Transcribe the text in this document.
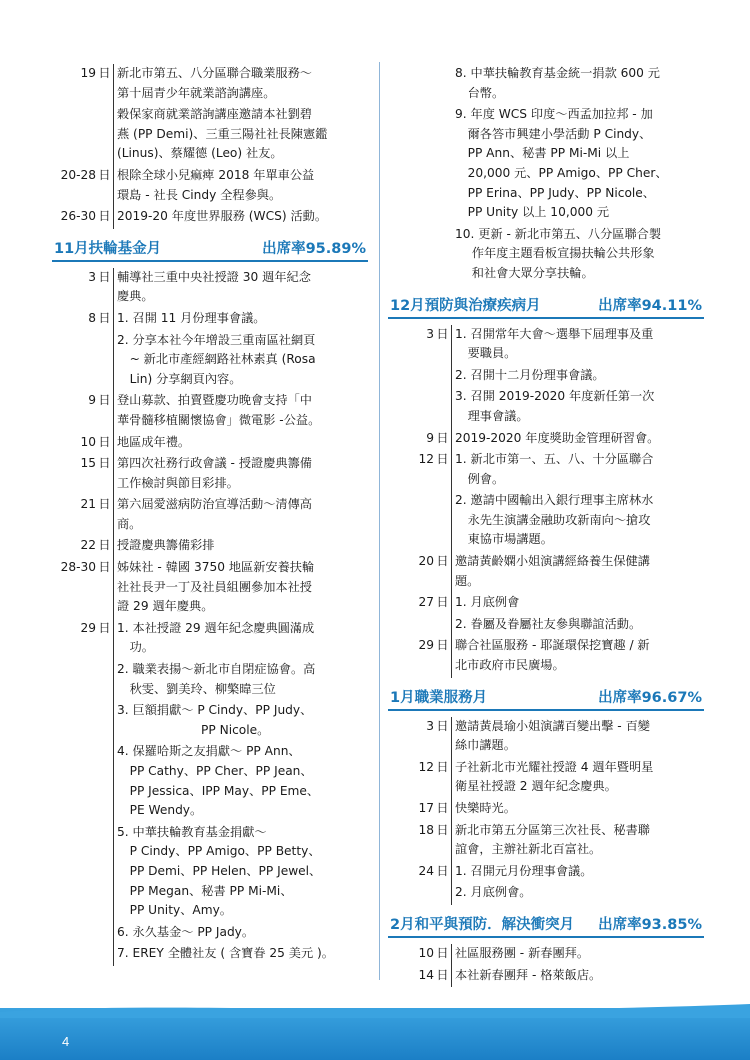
19 日 新北市第五、八分區聯合職業服務～
第十屆青少年就業諮詢講座。
穀保家商就業諮詢講座邀請本社劉碧
燕 (PP Demi)、三重三陽社社長陳憲鑑
(Linus)、蔡耀德 (Leo) 社友。
20-28 日 根除全球小兒痲痺 2018 年單車公益
環島 - 社長 Cindy 全程參與。
26-30 日 2019-20 年度世界服務 (WCS) 活動。
11月扶輪基金月	出席率95.89%
3 日 輔導社三重中央社授證 30 週年紀念
慶典。
8 日 1. 召開 11 月份理事會議。
2. 分享本社今年增設三重南區社網頁
~ 新北市產經網路社林素真 (Rosa
Lin) 分享網頁內容。
9 日 登山募款、拍賣暨慶功晚會支持「中
華骨髓移植關懷協會」微電影 -公益。
10 日 地區成年禮。
15 日 第四次社務行政會議 - 授證慶典籌備
工作檢討與節目彩排。
21 日 第六屆愛滋病防治宣導活動～清傳高
商。
22 日 授證慶典籌備彩排
28-30 日 姊妹社 - 韓國 3750 地區新安養扶輪
社社長尹一丁及社員組團參加本社授
證 29 週年慶典。
29 日 1. 本社授證 29 週年紀念慶典圓滿成
功。
2. 職業表揚～新北市自閉症協會。高
秋雯、劉美玲、柳檠暐三位
3. 巨額捐獻～ P Cindy、PP Judy、
PP Nicole。
4. 保羅哈斯之友捐獻～ PP Ann、
PP Cathy、PP Cher、PP Jean、
PP Jessica、IPP May、PP Eme、
PE Wendy。
5. 中華扶輪教育基金捐獻～
P Cindy、PP Amigo、PP Betty、
PP Demi、PP Helen、PP Jewel、
PP Megan、秘書 PP Mi-Mi、
PP Unity、Amy。
6. 永久基金～ PP Jady。
7. EREY 全體社友 ( 含寶眷 25 美元 )。
8. 中華扶輪教育基金統一捐款 600 元
台幣。
9. 年度 WCS 印度～西孟加拉邦 - 加
爾各答市興建小學活動 P Cindy、
PP Ann、秘書 PP Mi-Mi 以上
20,000 元、PP Amigo、PP Cher、
PP Erina、PP Judy、PP Nicole、
PP Unity 以上 10,000 元
10. 更新 - 新北市第五、八分區聯合製
作年度主題看板宣揚扶輪公共形象
和社會大眾分享扶輪。
12月預防與治療疾病月	出席率94.11%
3 日 1. 召開常年大會～選舉下屆理事及重
要職員。
2. 召開十二月份理事會議。
3. 召開 2019-2020 年度新任第一次
理事會議。
9 日 2019-2020 年度獎助金管理研習會。
12 日 1. 新北市第一、五、八、十分區聯合
例會。
2. 邀請中國輸出入銀行理事主席林水
永先生演講金融助攻新南向～搶攻
東協市場講題。
20 日 邀請黃齡嫻小姐演講經絡養生保健講
題。
27 日 1. 月底例會
2. 眷屬及眷屬社友參與聯誼活動。
29 日 聯合社區服務 - 耶誕環保挖寶趣 / 新
北市政府市民廣場。
1月職業服務月	出席率96.67%
3 日 邀請黃晨瑜小姐演講百變出擊 - 百變
絲巾講題。
12 日 子社新北市光耀社授證 4 週年暨明星
衛星社授證 2 週年紀念慶典。
17 日 快樂時光。
18 日 新北市第五分區第三次社長、秘書聯
誼會，主辦社新北百富社。
24 日 1. 召開元月份理事會議。
2. 月底例會。
2月和平與預防．解決衝突月 出席率93.85%
10 日 社區服務團 - 新春團拜。
14 日 本社新春團拜 - 格萊飯店。
4
